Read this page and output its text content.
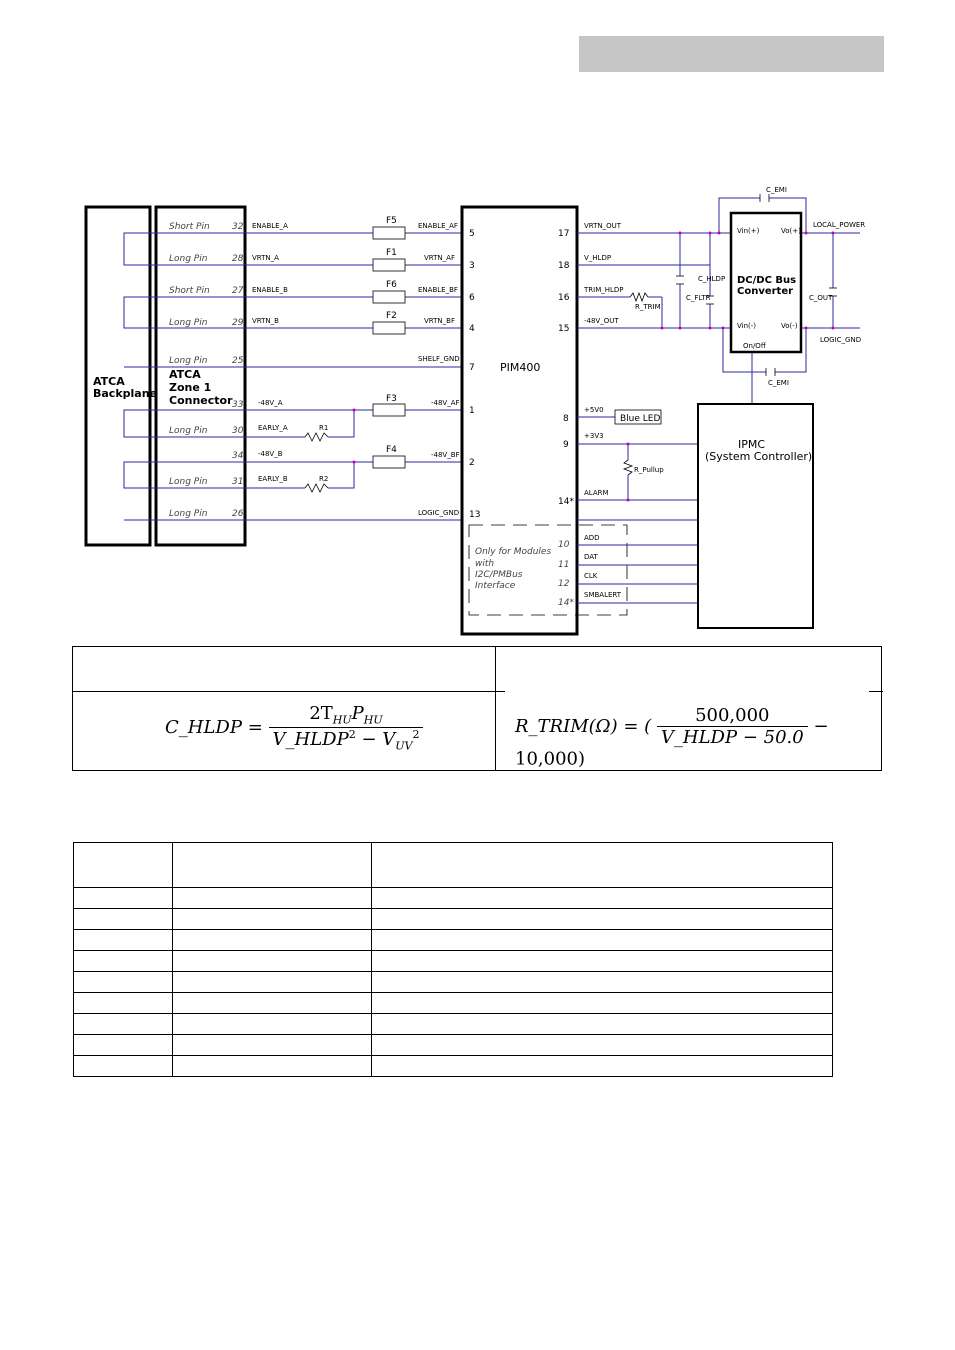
ATCA
Backplane
ATCA
Zone 1
Connector
R1
R2
F5
F1
F6
F2
F3
F4
Short Pin 32 ENABLE_A
Long Pin	28 VRTN_A
Short Pin 27 ENABLE_B
Long Pin	29 VRTN_B
Long Pin	25
33 -48V_A
Long Pin	30 EARLY_A
34 -48V_B
Long Pin	31 EARLY_B
Long Pin	26
PIM400
Only for Modules
with
I2C/PMBus
Interface
ENABLE_AF
VRTN_AF
ENABLE_BF
VRTN_BF
SHELF_GND
-48V_AF
-48V_BF
LOGIC_GND
5
3
6
4
7
1
2
13
17
18
16
15
8
9
14*
10
11
12
14*
C_EMI
C_EMI
C_HLDP
C_FLTR	C_OUT
R_TRIM
R_Pullup
VRTN_OUT
V_HLDP
TRIM_HLDP
-48V_OUT
+5V0
+3V3
ALARM
ADD
DAT
CLK
SMBALERT
Blue LED
DC/DC Bus
Converter
Vin(+)	Vo(+)
Vin(-)	Vo(-)
On/Off
LOCAL_POWER
LOGIC_GND
IPMC
(System Controller)
C_HLDP = $\frac{2T_{HU}P_{HU}}{V\_HLDP^2 - V_{UV}^2}$	R_TRIM(Ω) = ( $\frac{500,000}{\text{V\_HLDP − 50.0}} - 10,000$)
